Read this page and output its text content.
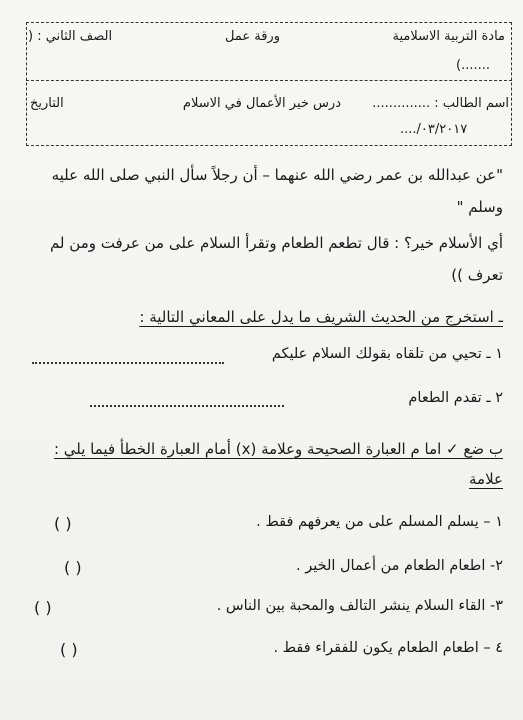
مادة التربية الاسلامية
ورقة عمل
الصف الثاني : (
(.......
اسم الطالب : ..............
درس خير الأعمال في الاسلام
التاريخ
..../۰۳/۲۰۱۷
"عن عبدالله بن عمر رضي الله عنهما – أن رجلاً سأل النبي صلى الله عليه
وسلم "
أي الأسلام خير؟ : قال تطعم الطعام وتقرأ السلام على من عرفت ومن لم
تعرف ))
ـ استخرج من الحديث الشريف ما يدل على المعاني التالية :
١ ـ تحيي من تلقاه بقولك السلام عليكم
٢ ـ تقدم الطعام
ب ضع ✓ اما م العبارة الصحيحة وعلامة (x) أمام العبارة الخطأ فيما يلي :
علامة
١ – يسلم المسلم على من يعرفهم فقط .
( )
٢- اطعام الطعام من أعمال الخير .
( )
٣- القاء السلام ينشر التالف والمحبة بين الناس .
( )
٤ – اطعام الطعام يكون للفقراء فقط .
( )
